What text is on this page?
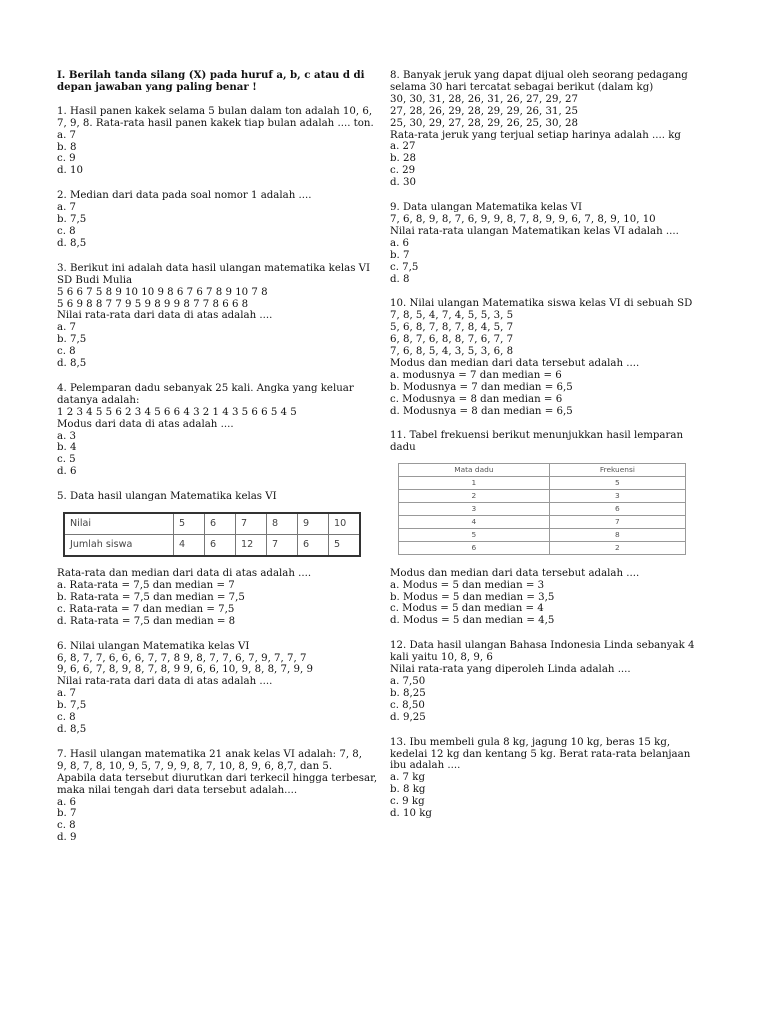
I. Berilah tanda silang (X) pada huruf a, b, c atau d di
depan jawaban yang paling benar !
1. Hasil panen kakek selama 5 bulan dalam ton adalah 10, 6,
7, 9, 8. Rata-rata hasil panen kakek tiap bulan adalah .... ton.
a. 7
b. 8
c. 9
d. 10
2. Median dari data pada soal nomor 1 adalah ....
a. 7
b. 7,5
c. 8
d. 8,5
3. Berikut ini adalah data hasil ulangan matematika kelas VI
SD Budi Mulia
5 6 6 7 5 8 9 10 10 9 8 6 7 6 7 8 9 10 7 8
5 6 9 8 8 7 7 9 5 9 8 9 9 8 7 7 8 6 6 8
Nilai rata-rata dari data di atas adalah ....
a. 7
b. 7,5
c. 8
d. 8,5
4. Pelemparan dadu sebanyak 25 kali. Angka yang keluar
datanya adalah:
1 2 3 4 5 5 6 2 3 4 5 6 6 4 3 2 1 4 3 5 6 6 5 4 5
Modus dari data di atas adalah ....
a. 3
b. 4
c. 5
d. 6
5. Data hasil ulangan Matematika kelas VI
Nilai	5	6	7	8	9	10
Jumlah siswa	4	6	12	7	6	5
Rata-rata dan median dari data di atas adalah ....
a. Rata-rata = 7,5 dan median = 7
b. Rata-rata = 7,5 dan median = 7,5
c. Rata-rata = 7 dan median = 7,5
d. Rata-rata = 7,5 dan median = 8
6. Nilai ulangan Matematika kelas VI
6, 8, 7, 7, 6, 6, 6, 7, 7, 8 9, 8, 7, 7, 6, 7, 9, 7, 7, 7
9, 6, 6, 7, 8, 9, 8, 7, 8, 9 9, 6, 6, 10, 9, 8, 8, 7, 9, 9
Nilai rata-rata dari data di atas adalah ....
a. 7
b. 7,5
c. 8
d. 8,5
7. Hasil ulangan matematika 21 anak kelas VI adalah: 7, 8,
9, 8, 7, 8, 10, 9, 5, 7, 9, 9, 8, 7, 10, 8, 9, 6, 8,7, dan 5.
Apabila data tersebut diurutkan dari terkecil hingga terbesar,
maka nilai tengah dari data tersebut adalah....
a. 6
b. 7
c. 8
d. 9
8. Banyak jeruk yang dapat dijual oleh seorang pedagang
selama 30 hari tercatat sebagai berikut (dalam kg)
30, 30, 31, 28, 26, 31, 26, 27, 29, 27
27, 28, 26, 29, 28, 29, 29, 26, 31, 25
25, 30, 29, 27, 28, 29, 26, 25, 30, 28
Rata-rata jeruk yang terjual setiap harinya adalah .... kg
a. 27
b. 28
c. 29
d. 30
9. Data ulangan Matematika kelas VI
7, 6, 8, 9, 8, 7, 6, 9, 9, 8, 7, 8, 9, 9, 6, 7, 8, 9, 10, 10
Nilai rata-rata ulangan Matematikan kelas VI adalah ....
a. 6
b. 7
c. 7,5
d. 8
10. Nilai ulangan Matematika siswa kelas VI di sebuah SD
7, 8, 5, 4, 7, 4, 5, 5, 3, 5
5, 6, 8, 7, 8, 7, 8, 4, 5, 7
6, 8, 7, 6, 8, 8, 7, 6, 7, 7
7, 6, 8, 5, 4, 3, 5, 3, 6, 8
Modus dan median dari data tersebut adalah ....
a. modusnya = 7 dan median = 6
b. Modusnya = 7 dan median = 6,5
c. Modusnya = 8 dan median = 6
d. Modusnya = 8 dan median = 6,5
11. Tabel frekuensi berikut menunjukkan hasil lemparan
dadu
Mata dadu	Frekuensi
1	5
2	3
3	6
4	7
5	8
6	2
Modus dan median dari data tersebut adalah ....
a. Modus = 5 dan median = 3
b. Modus = 5 dan median = 3,5
c. Modus = 5 dan median = 4
d. Modus = 5 dan median = 4,5
12. Data hasil ulangan Bahasa Indonesia Linda sebanyak 4
kali yaitu 10, 8, 9, 6
Nilai rata-rata yang diperoleh Linda adalah ....
a. 7,50
b. 8,25
c. 8,50
d. 9,25
13. Ibu membeli gula 8 kg, jagung 10 kg, beras 15 kg,
kedelai 12 kg dan kentang 5 kg. Berat rata-rata belanjaan
ibu adalah ....
a. 7 kg
b. 8 kg
c. 9 kg
d. 10 kg
